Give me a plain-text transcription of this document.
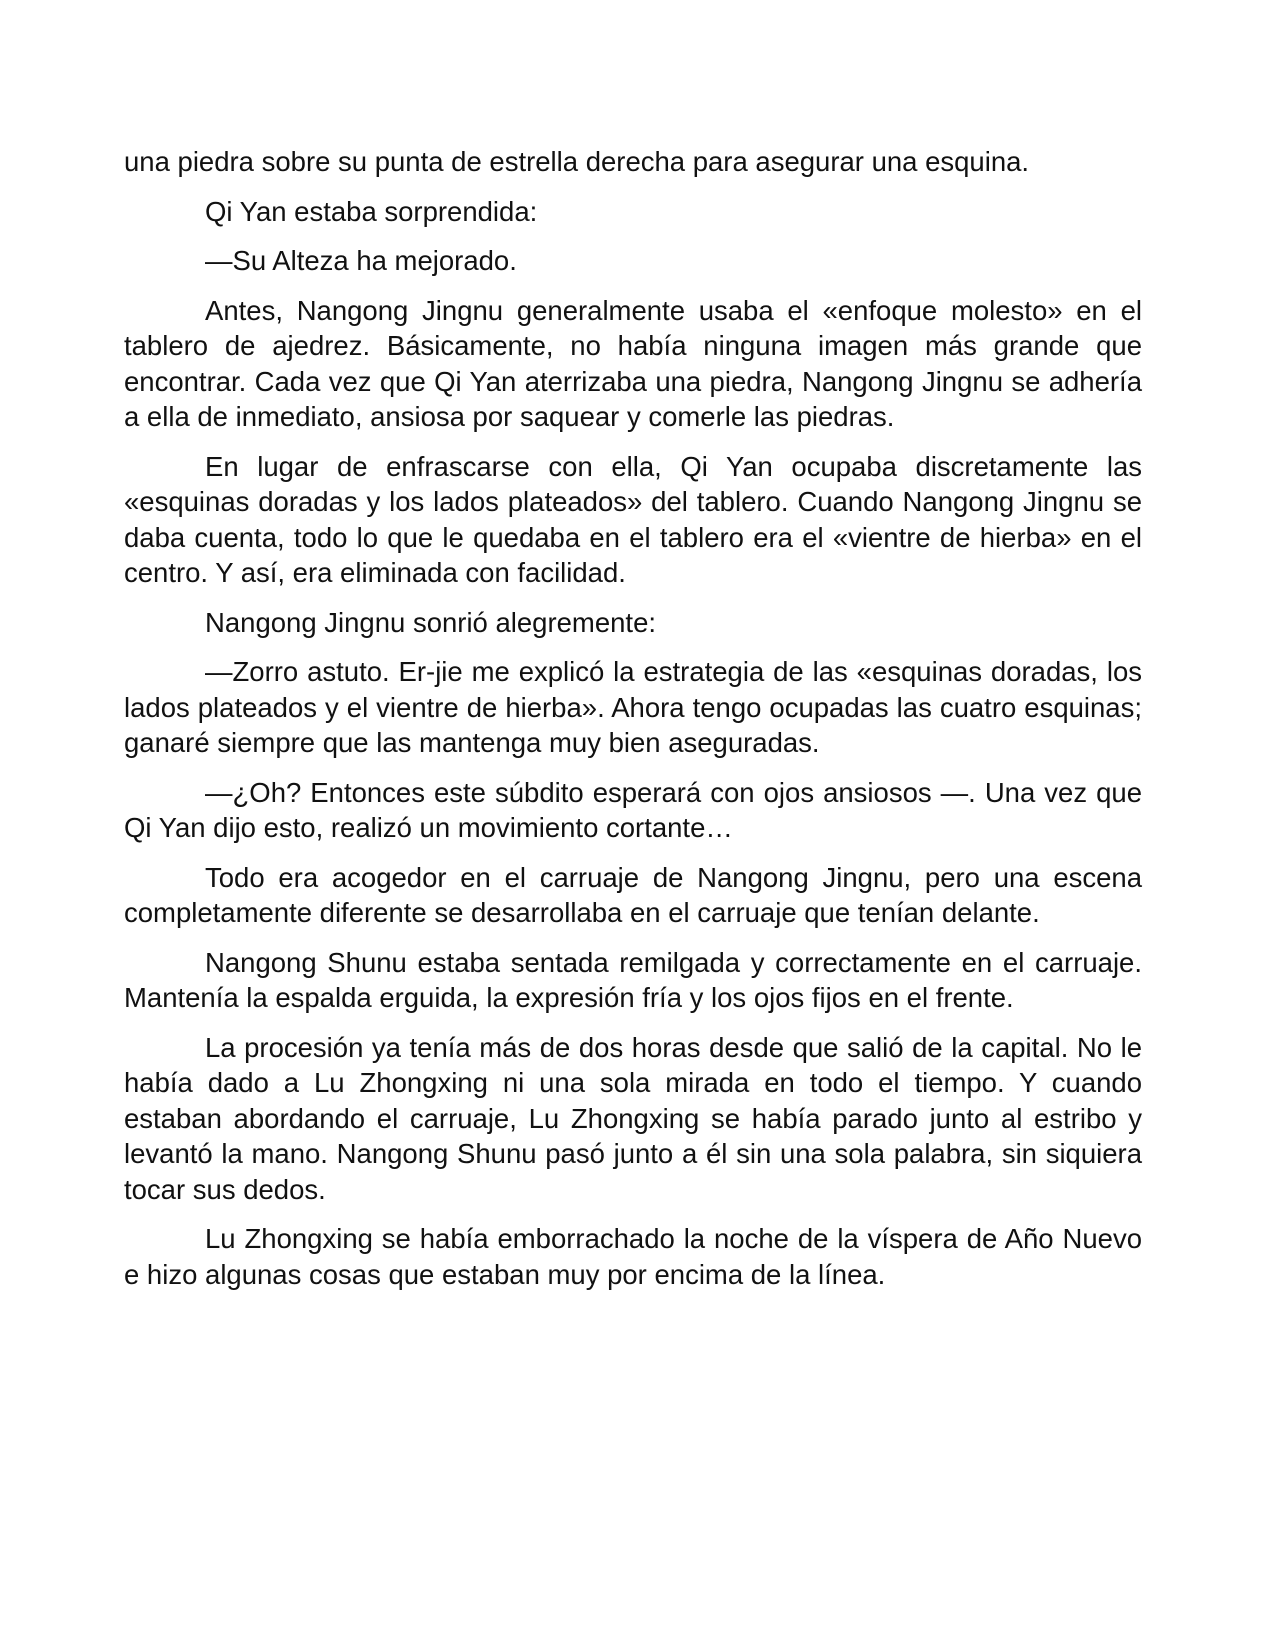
una piedra sobre su punta de estrella derecha para asegurar una esquina.

Qi Yan estaba sorprendida:

—Su Alteza ha mejorado.

Antes, Nangong Jingnu generalmente usaba el «enfoque molesto» en el tablero de ajedrez. Básicamente, no había ninguna imagen más grande que encontrar. Cada vez que Qi Yan aterrizaba una piedra, Nangong Jingnu se adhería a ella de inmediato, ansiosa por saquear y comerle las piedras.

En lugar de enfrascarse con ella, Qi Yan ocupaba discretamente las «esquinas doradas y los lados plateados» del tablero. Cuando Nangong Jingnu se daba cuenta, todo lo que le quedaba en el tablero era el «vientre de hierba» en el centro. Y así, era eliminada con facilidad.

Nangong Jingnu sonrió alegremente:

—Zorro astuto. Er-jie me explicó la estrategia de las «esquinas doradas, los lados plateados y el vientre de hierba». Ahora tengo ocupadas las cuatro esquinas; ganaré siempre que las mantenga muy bien aseguradas.

—¿Oh? Entonces este súbdito esperará con ojos ansiosos —. Una vez que Qi Yan dijo esto, realizó un movimiento cortante…

Todo era acogedor en el carruaje de Nangong Jingnu, pero una escena completamente diferente se desarrollaba en el carruaje que tenían delante.

Nangong Shunu estaba sentada remilgada y correctamente en el carruaje. Mantenía la espalda erguida, la expresión fría y los ojos fijos en el frente.

La procesión ya tenía más de dos horas desde que salió de la capital. No le había dado a Lu Zhongxing ni una sola mirada en todo el tiempo. Y cuando estaban abordando el carruaje, Lu Zhongxing se había parado junto al estribo y levantó la mano. Nangong Shunu pasó junto a él sin una sola palabra, sin siquiera tocar sus dedos.

Lu Zhongxing se había emborrachado la noche de la víspera de Año Nuevo e hizo algunas cosas que estaban muy por encima de la línea.
